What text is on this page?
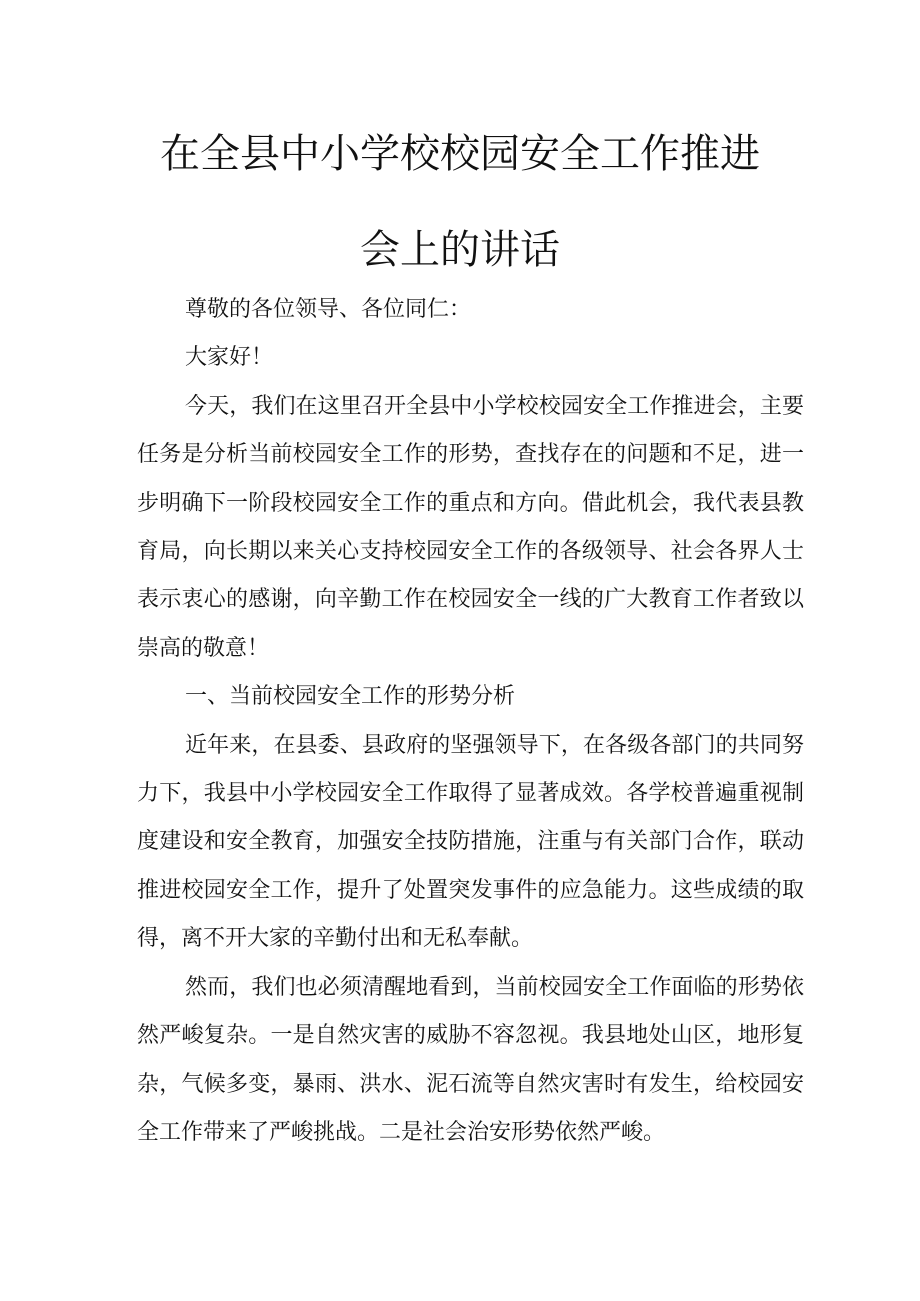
在全县中小学校校园安全工作推进
会上的讲话

尊敬的各位领导、各位同仁：

大家好！

今天，我们在这里召开全县中小学校校园安全工作推进会，主要任务是分析当前校园安全工作的形势，查找存在的问题和不足，进一步明确下一阶段校园安全工作的重点和方向。借此机会，我代表县教育局，向长期以来关心支持校园安全工作的各级领导、社会各界人士表示衷心的感谢，向辛勤工作在校园安全一线的广大教育工作者致以崇高的敬意！

一、当前校园安全工作的形势分析

近年来，在县委、县政府的坚强领导下，在各级各部门的共同努力下，我县中小学校园安全工作取得了显著成效。各学校普遍重视制度建设和安全教育，加强安全技防措施，注重与有关部门合作，联动推进校园安全工作，提升了处置突发事件的应急能力。这些成绩的取得，离不开大家的辛勤付出和无私奉献。

然而，我们也必须清醒地看到，当前校园安全工作面临的形势依然严峻复杂。一是自然灾害的威胁不容忽视。我县地处山区，地形复杂，气候多变，暴雨、洪水、泥石流等自然灾害时有发生，给校园安全工作带来了严峻挑战。二是社会治安形势依然严峻。
